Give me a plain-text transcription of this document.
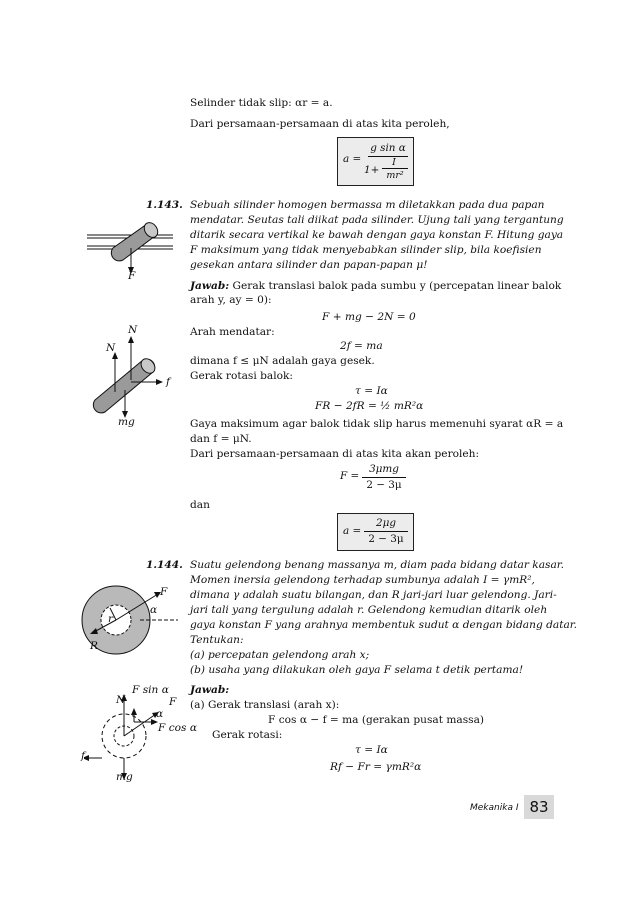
Selinder tidak slip: αr = a.
Dari persamaan-persamaan di atas kita peroleh,
a =
g sin α
1+
I
mr²
1.143. Sebuah silinder homogen bermassa m diletakkan pada dua papan
mendatar. Seutas tali diikat pada silinder. Ujung tali yang tergantung
ditarik secara vertikal ke bawah dengan gaya konstan F. Hitung gaya
F maksimum yang tidak menyebabkan silinder slip, bila koefisien
gesekan antara silinder dan papan-papan μ!
Jawab: Gerak translasi balok pada sumbu y (percepatan linear balok
arah y, ay = 0):
F + mg − 2N = 0
Arah mendatar:
2f = ma
dimana f ≤ μN adalah gaya gesek.
Gerak rotasi balok:
τ = Iα
FR − 2fR = ½ mR²α
Gaya maksimum agar balok tidak slip harus memenuhi syarat αR = a
dan f = μN.
Dari persamaan-persamaan di atas kita akan peroleh:
F =
3μmg
2 − 3μ
dan
a =
2μg
2 − 3μ
F
N
N
f
mg
1.144. Suatu gelendong benang massanya m, diam pada bidang datar kasar.
Momen inersia gelendong terhadap sumbunya adalah I = γmR²,
dimana γ adalah suatu bilangan, dan R jari-jari luar gelendong. Jari-
jari tali yang tergulung adalah r. Gelendong kemudian ditarik oleh
gaya konstan F yang arahnya membentuk sudut α dengan bidang datar.
Tentukan:
(a) percepatan gelendong arah x;
(b) usaha yang dilakukan oleh gaya F selama t detik pertama!
Jawab:
(a) Gerak translasi (arah x):
F cos α − f = ma (gerakan pusat massa)
Gerak rotasi:
τ = Iα
Rf − Fr = γmR²α
F
α
r
R
N
F sin α
F
α
F cos α
f
mg
Mekanika I 83
